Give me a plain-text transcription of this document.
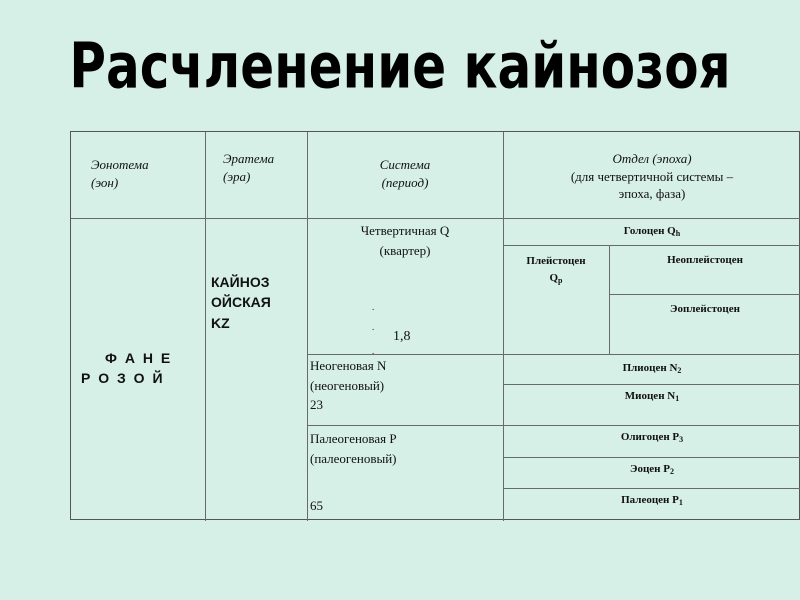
Расчленение кайнозоя
Эонотема
(эон)
Эратема
(эра)
Система
(период)
Отдел (эпоха)
(для четвертичной системы –
эпоха, фаза)
Ф А Н Е
Р О З О Й
КАЙНОЗ
ОЙСКАЯ
KZ
Четвертичная Q
(квартер)
1,8
.
.
.
Неогеновая N
(неогеновый)
23
Палеогеновая P
(палеогеновый)
65
Голоцен $Q_h$
Плейстоцен
$Q_p$
Неоплейстоцен
Эоплейстоцен
Плиоцен $N_2$
Миоцен $N_1$
Олигоцен $P_3$
Эоцен $P_2$
Палеоцен $P_1$
